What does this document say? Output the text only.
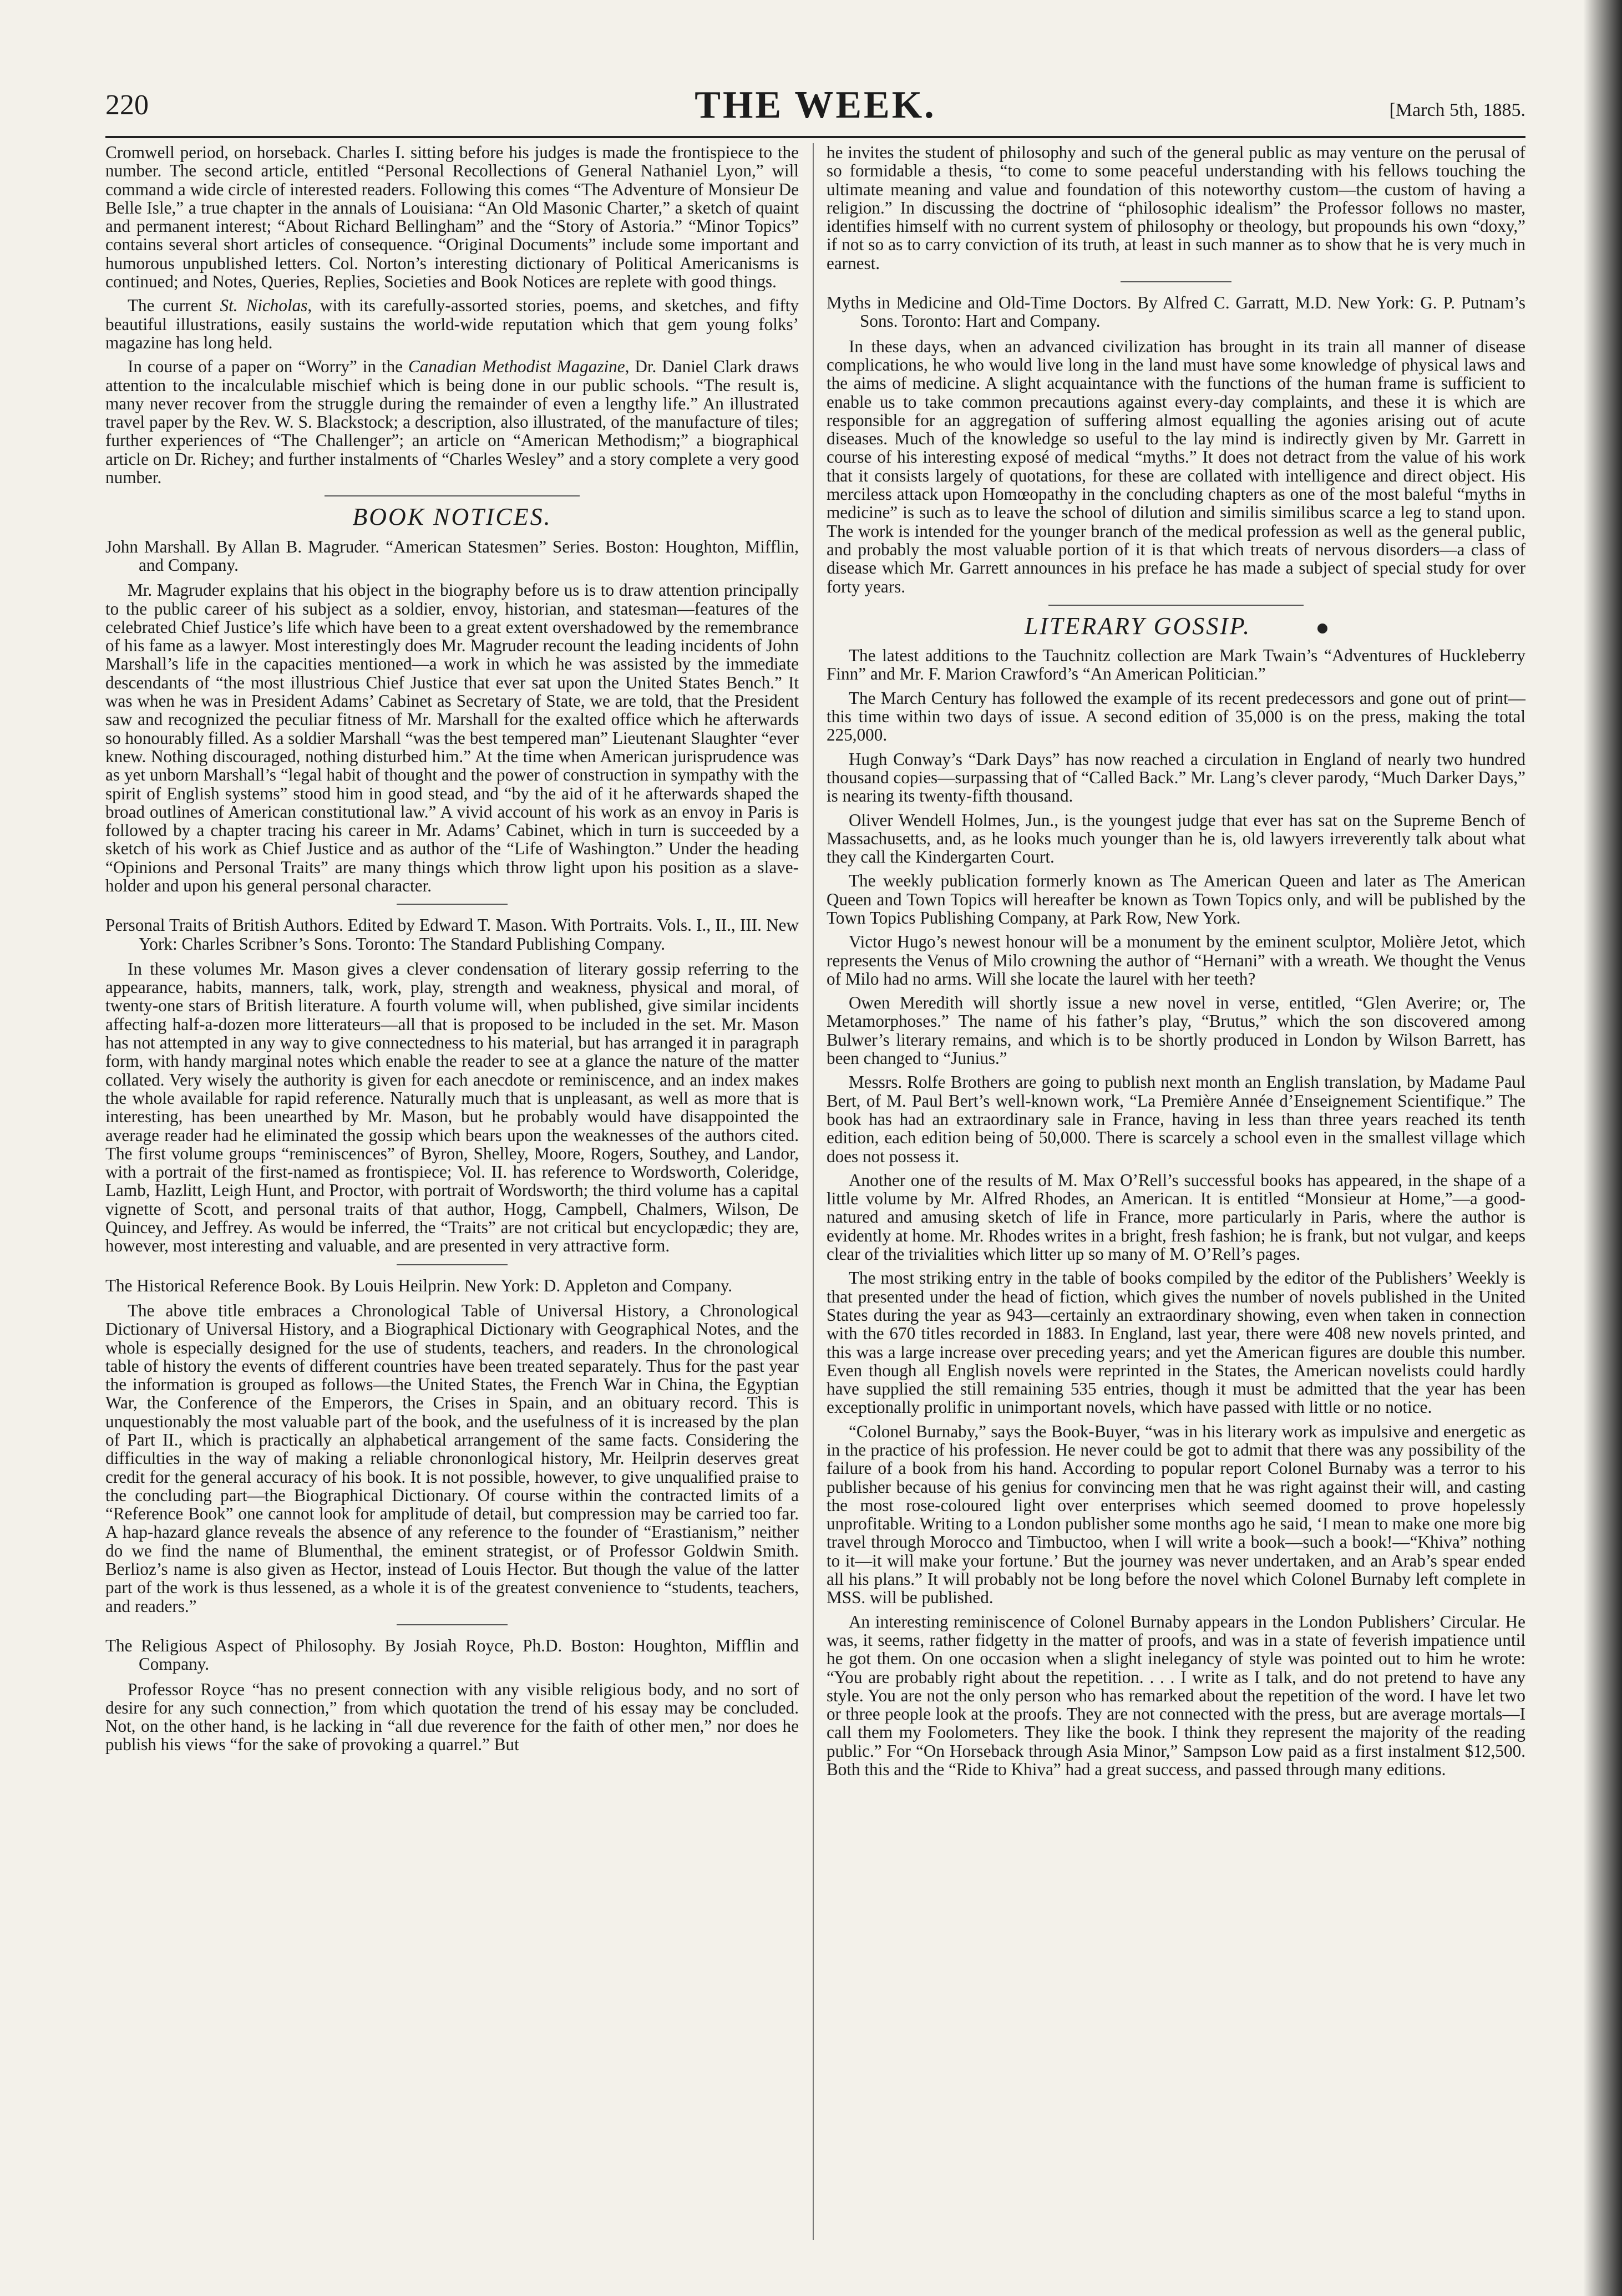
220	THE WEEK.	[March 5th, 1885.

Cromwell period, on horseback. Charles I. sitting before his judges is made the frontispiece to the number. The second article, entitled “Personal Recollections of General Nathaniel Lyon,” will command a wide circle of interested readers. Following this comes “The Adventure of Monsieur De Belle Isle,” a true chapter in the annals of Louisiana: “An Old Masonic Charter,” a sketch of quaint and permanent interest; “About Richard Bellingham” and the “Story of Astoria.” “Minor Topics” contains several short articles of consequence. “Original Documents” include some important and humorous unpublished letters. Col. Norton’s interesting dictionary of Political Americanisms is continued; and Notes, Queries, Replies, Societies and Book Notices are replete with good things.

The current St. Nicholas, with its carefully-assorted stories, poems, and sketches, and fifty beautiful illustrations, easily sustains the world-wide reputation which that gem young folks’ magazine has long held.

In course of a paper on “Worry” in the Canadian Methodist Magazine, Dr. Daniel Clark draws attention to the incalculable mischief which is being done in our public schools. “The result is, many never recover from the struggle during the remainder of even a lengthy life.” An illustrated travel paper by the Rev. W. S. Blackstock; a description, also illustrated, of the manufacture of tiles; further experiences of “The Challenger”; an article on “American Methodism;” a biographical article on Dr. Richey; and further instalments of “Charles Wesley” and a story complete a very good number.

BOOK NOTICES.
John Marshall. By Allan B. Magruder. “American Statesmen” Series. Boston: Houghton, Mifflin, and Company.

Mr. Magruder explains that his object in the biography before us is to draw attention principally to the public career of his subject as a soldier, envoy, historian, and statesman—features of the celebrated Chief Justice’s life which have been to a great extent overshadowed by the remembrance of his fame as a lawyer. Most interestingly does Mr. Magruder recount the leading incidents of John Marshall’s life in the capacities mentioned—a work in which he was assisted by the immediate descendants of “the most illustrious Chief Justice that ever sat upon the United States Bench.” It was when he was in President Adams’ Cabinet as Secretary of State, we are told, that the President saw and recognized the peculiar fitness of Mr. Marshall for the exalted office which he afterwards so honourably filled. As a soldier Marshall “was the best tempered man” Lieutenant Slaughter “ever knew. Nothing discouraged, nothing disturbed him.” At the time when American jurisprudence was as yet unborn Marshall’s “legal habit of thought and the power of construction in sympathy with the spirit of English systems” stood him in good stead, and “by the aid of it he afterwards shaped the broad outlines of American constitutional law.” A vivid account of his work as an envoy in Paris is followed by a chapter tracing his career in Mr. Adams’ Cabinet, which in turn is succeeded by a sketch of his work as Chief Justice and as author of the “Life of Washington.” Under the heading “Opinions and Personal Traits” are many things which throw light upon his position as a slave-holder and upon his general personal character.

Personal Traits of British Authors. Edited by Edward T. Mason. With Portraits. Vols. I., II., III. New York: Charles Scribner’s Sons. Toronto: The Standard Publishing Company.

In these volumes Mr. Mason gives a clever condensation of literary gossip referring to the appearance, habits, manners, talk, work, play, strength and weakness, physical and moral, of twenty-one stars of British literature. A fourth volume will, when published, give similar incidents affecting half-a-dozen more litterateurs—all that is proposed to be included in the set. Mr. Mason has not attempted in any way to give connectedness to his material, but has arranged it in paragraph form, with handy marginal notes which enable the reader to see at a glance the nature of the matter collated. Very wisely the authority is given for each anecdote or reminiscence, and an index makes the whole available for rapid reference. Naturally much that is unpleasant, as well as more that is interesting, has been unearthed by Mr. Mason, but he probably would have disappointed the average reader had he eliminated the gossip which bears upon the weaknesses of the authors cited. The first volume groups “reminiscences” of Byron, Shelley, Moore, Rogers, Southey, and Landor, with a portrait of the first-named as frontispiece; Vol. II. has reference to Wordsworth, Coleridge, Lamb, Hazlitt, Leigh Hunt, and Proctor, with portrait of Wordsworth; the third volume has a capital vignette of Scott, and personal traits of that author, Hogg, Campbell, Chalmers, Wilson, De Quincey, and Jeffrey. As would be inferred, the “Traits” are not critical but encyclopædic; they are, however, most interesting and valuable, and are presented in very attractive form.

The Historical Reference Book. By Louis Heilprin. New York: D. Appleton and Company.

The above title embraces a Chronological Table of Universal History, a Chronological Dictionary of Universal History, and a Biographical Dictionary with Geographical Notes, and the whole is especially designed for the use of students, teachers, and readers. In the chronological table of history the events of different countries have been treated separately. Thus for the past year the information is grouped as follows—the United States, the French War in China, the Egyptian War, the Conference of the Emperors, the Crises in Spain, and an obituary record. This is unquestionably the most valuable part of the book, and the usefulness of it is increased by the plan of Part II., which is practically an alphabetical arrangement of the same facts. Considering the difficulties in the way of making a reliable chrononlogical history, Mr. Heilprin deserves great credit for the general accuracy of his book. It is not possible, however, to give unqualified praise to the concluding part—the Biographical Dictionary. Of course within the contracted limits of a “Reference Book” one cannot look for amplitude of detail, but compression may be carried too far. A hap-hazard glance reveals the absence of any reference to the founder of “Erastianism,” neither do we find the name of Blumenthal, the eminent strategist, or of Professor Goldwin Smith. Berlioz’s name is also given as Hector, instead of Louis Hector. But though the value of the latter part of the work is thus lessened, as a whole it is of the greatest convenience to “students, teachers, and readers.”

The Religious Aspect of Philosophy. By Josiah Royce, Ph.D. Boston: Houghton, Mifflin and Company.

Professor Royce “has no present connection with any visible religious body, and no sort of desire for any such connection,” from which quotation the trend of his essay may be concluded. Not, on the other hand, is he lacking in “all due reverence for the faith of other men,” nor does he publish his views “for the sake of provoking a quarrel.” But

he invites the student of philosophy and such of the general public as may venture on the perusal of so formidable a thesis, “to come to some peaceful understanding with his fellows touching the ultimate meaning and value and foundation of this noteworthy custom—the custom of having a religion.” In discussing the doctrine of “philosophic idealism” the Professor follows no master, identifies himself with no current system of philosophy or theology, but propounds his own “doxy,” if not so as to carry conviction of its truth, at least in such manner as to show that he is very much in earnest.

Myths in Medicine and Old-Time Doctors. By Alfred C. Garratt, M.D. New York: G. P. Putnam’s Sons. Toronto: Hart and Company.

In these days, when an advanced civilization has brought in its train all manner of disease complications, he who would live long in the land must have some knowledge of physical laws and the aims of medicine. A slight acquaintance with the functions of the human frame is sufficient to enable us to take common precautions against every-day complaints, and these it is which are responsible for an aggregation of suffering almost equalling the agonies arising out of acute diseases. Much of the knowledge so useful to the lay mind is indirectly given by Mr. Garrett in course of his interesting exposé of medical “myths.” It does not detract from the value of his work that it consists largely of quotations, for these are collated with intelligence and direct object. His merciless attack upon Homœopathy in the concluding chapters as one of the most baleful “myths in medicine” is such as to leave the school of dilution and similis similibus scarce a leg to stand upon. The work is intended for the younger branch of the medical profession as well as the general public, and probably the most valuable portion of it is that which treats of nervous disorders—a class of disease which Mr. Garrett announces in his preface he has made a subject of special study for over forty years.

LITERARY GOSSIP.

The latest additions to the Tauchnitz collection are Mark Twain’s “Adventures of Huckleberry Finn” and Mr. F. Marion Crawford’s “An American Politician.”

The March Century has followed the example of its recent predecessors and gone out of print—this time within two days of issue. A second edition of 35,000 is on the press, making the total 225,000.

Hugh Conway’s “Dark Days” has now reached a circulation in England of nearly two hundred thousand copies—surpassing that of “Called Back.” Mr. Lang’s clever parody, “Much Darker Days,” is nearing its twenty-fifth thousand.

Oliver Wendell Holmes, Jun., is the youngest judge that ever has sat on the Supreme Bench of Massachusetts, and, as he looks much younger than he is, old lawyers irreverently talk about what they call the Kindergarten Court.

The weekly publication formerly known as The American Queen and later as The American Queen and Town Topics will hereafter be known as Town Topics only, and will be published by the Town Topics Publishing Company, at Park Row, New York.

Victor Hugo’s newest honour will be a monument by the eminent sculptor, Molière Jetot, which represents the Venus of Milo crowning the author of “Hernani” with a wreath. We thought the Venus of Milo had no arms. Will she locate the laurel with her teeth?

Owen Meredith will shortly issue a new novel in verse, entitled, “Glen Averire; or, The Metamorphoses.” The name of his father’s play, “Brutus,” which the son discovered among Bulwer’s literary remains, and which is to be shortly produced in London by Wilson Barrett, has been changed to “Junius.”

Messrs. Rolfe Brothers are going to publish next month an English translation, by Madame Paul Bert, of M. Paul Bert’s well-known work, “La Première Année d’Enseignement Scientifique.” The book has had an extraordinary sale in France, having in less than three years reached its tenth edition, each edition being of 50,000. There is scarcely a school even in the smallest village which does not possess it.

Another one of the results of M. Max O’Rell’s successful books has appeared, in the shape of a little volume by Mr. Alfred Rhodes, an American. It is entitled “Monsieur at Home,”—a good-natured and amusing sketch of life in France, more particularly in Paris, where the author is evidently at home. Mr. Rhodes writes in a bright, fresh fashion; he is frank, but not vulgar, and keeps clear of the trivialities which litter up so many of M. O’Rell’s pages.

The most striking entry in the table of books compiled by the editor of the Publishers’ Weekly is that presented under the head of fiction, which gives the number of novels published in the United States during the year as 943—certainly an extraordinary showing, even when taken in connection with the 670 titles recorded in 1883. In England, last year, there were 408 new novels printed, and this was a large increase over preceding years; and yet the American figures are double this number. Even though all English novels were reprinted in the States, the American novelists could hardly have supplied the still remaining 535 entries, though it must be admitted that the year has been exceptionally prolific in unimportant novels, which have passed with little or no notice.

“Colonel Burnaby,” says the Book-Buyer, “was in his literary work as impulsive and energetic as in the practice of his profession. He never could be got to admit that there was any possibility of the failure of a book from his hand. According to popular report Colonel Burnaby was a terror to his publisher because of his genius for convincing men that he was right against their will, and casting the most rose-coloured light over enterprises which seemed doomed to prove hopelessly unprofitable. Writing to a London publisher some months ago he said, ‘I mean to make one more big travel through Morocco and Timbuctoo, when I will write a book—such a book!—“Khiva” nothing to it—it will make your fortune.’ But the journey was never undertaken, and an Arab’s spear ended all his plans.” It will probably not be long before the novel which Colonel Burnaby left complete in MSS. will be published.

An interesting reminiscence of Colonel Burnaby appears in the London Publishers’ Circular. He was, it seems, rather fidgetty in the matter of proofs, and was in a state of feverish impatience until he got them. On one occasion when a slight inelegancy of style was pointed out to him he wrote: “You are probably right about the repetition. . . . I write as I talk, and do not pretend to have any style. You are not the only person who has remarked about the repetition of the word. I have let two or three people look at the proofs. They are not connected with the press, but are average mortals—I call them my Foolometers. They like the book. I think they represent the majority of the reading public.” For “On Horseback through Asia Minor,” Sampson Low paid as a first instalment $12,500. Both this and the “Ride to Khiva” had a great success, and passed through many editions.
